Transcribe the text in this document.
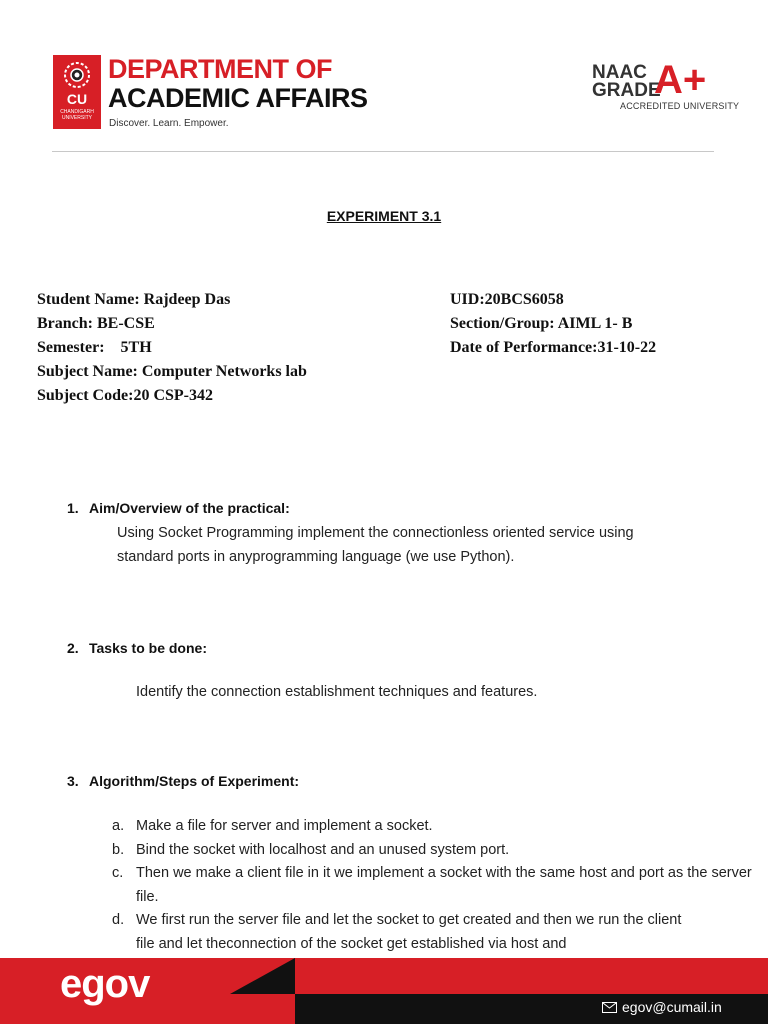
CU
CHANDIGARH UNIVERSITY
DEPARTMENT OF
ACADEMIC AFFAIRS
Discover. Learn. Empower.
NAAC
GRADE
A+
ACCREDITED UNIVERSITY
EXPERIMENT 3.1
Student Name: Rajdeep Das
Branch: BE-CSE
Semester:    5TH
Subject Name: Computer Networks lab
Subject Code:20 CSP-342
UID:20BCS6058
Section/Group: AIML 1- B
Date of Performance:31-10-22
1. Aim/Overview of the practical:
Using Socket Programming implement the connectionless oriented service using
standard ports in anyprogramming language (we use Python).
2. Tasks to be done:
Identify the connection establishment techniques and features.
3. Algorithm/Steps of Experiment:
a. Make a file for server and implement a socket.
b. Bind the socket with localhost and an unused system port.
c. Then we make a client file in it we implement a socket with the same host and port as the server file.
d. We first run the server file and let the socket to get created and then we run the client file and let theconnection of the socket get established via host and
egov
egov@cumail.in
